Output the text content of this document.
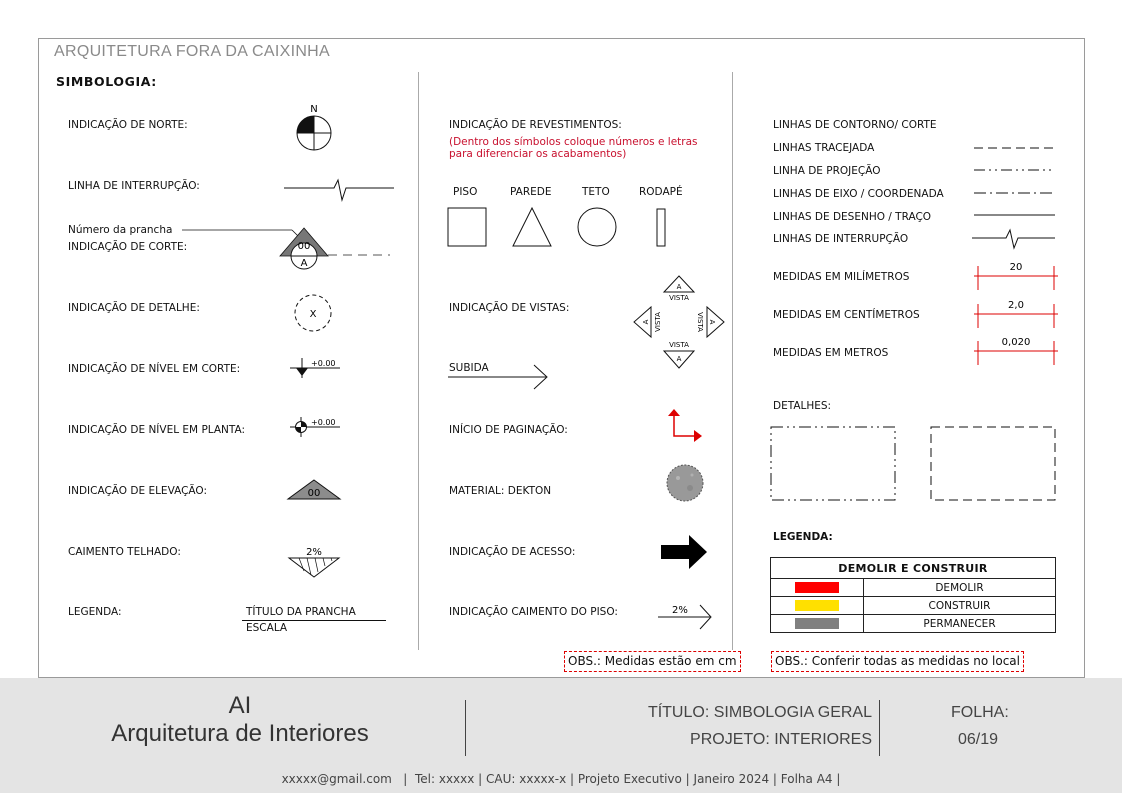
ARQUITETURA FORA DA CAIXINHA
SIMBOLOGIA:
INDICAÇÃO DE NORTE:
N
LINHA DE INTERRUPÇÃO:
Número da prancha
INDICAÇÃO DE CORTE:	00
A
INDICAÇÃO DE DETALHE:
X
INDICAÇÃO DE NÍVEL EM CORTE:	+0.00
INDICAÇÃO DE NÍVEL EM PLANTA:
+0.00
INDICAÇÃO DE ELEVAÇÃO:	00
CAIMENTO TELHADO:	2%
LEGENDA:	TÍTULO DA PRANCHA
ESCALA
INDICAÇÃO DE REVESTIMENTOS:
(Dentro dos símbolos coloque números e letras para diferenciar os acabamentos)
PISO	PAREDE	TETO	RODAPÉ
INDICAÇÃO DE VISTAS:
A
VISTA
A
VISTA
A VISTA	A
VISTA
SUBIDA
INÍCIO DE PAGINAÇÃO:
MATERIAL: DEKTON
INDICAÇÃO DE ACESSO:
INDICAÇÃO CAIMENTO DO PISO:	2%
LINHAS DE CONTORNO/ CORTE
LINHAS TRACEJADA
LINHA DE PROJEÇÃO
LINHAS DE EIXO / COORDENADA
LINHAS DE DESENHO / TRAÇO
LINHAS DE INTERRUPÇÃO
MEDIDAS EM MILÍMETROS
MEDIDAS EM CENTÍMETROS
MEDIDAS EM METROS
20
2,0
0,020
DETALHES:
LEGENDA:
DEMOLIR E CONSTRUIR	
	DEMOLIR
	CONSTRUIR
	PERMANECER
OBS.: Medidas estão em cm	OBS.: Conferir todas as medidas no local
AI
Arquitetura de Interiores
TÍTULO: SIMBOLOGIA GERAL
PROJETO: INTERIORES
FOLHA:
06/19
xxxxx@gmail.com   |  Tel: xxxxx | CAU: xxxxx-x | Projeto Executivo | Janeiro 2024 | Folha A4 |
